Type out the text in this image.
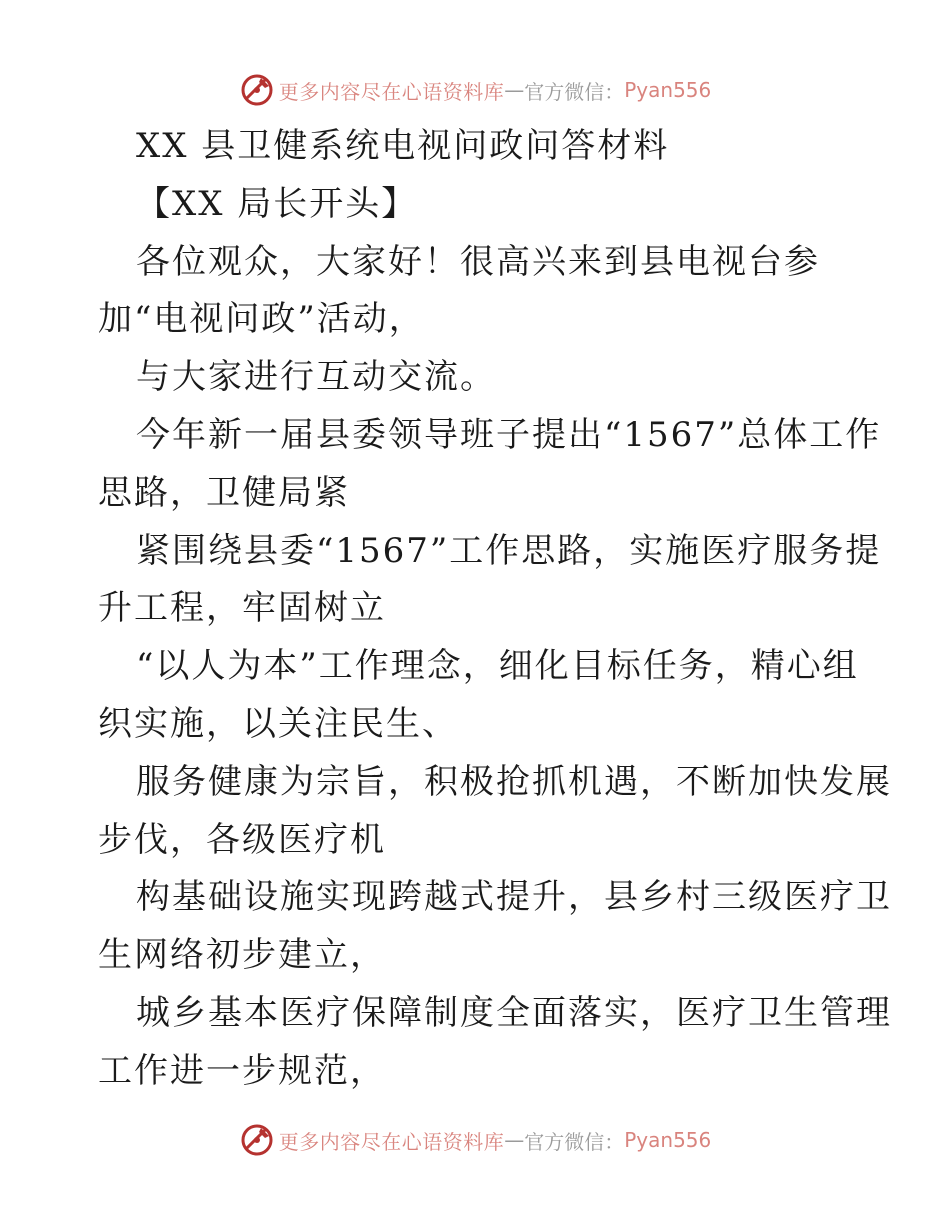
更多内容尽在心语资料库 — 官方微信： Pyan556
XX 县卫健系统电视问政问答材料
【XX 局长开头】
各位观众，大家好！很高兴来到县电视台参
加“电视问政”活动，
与大家进行互动交流。
今年新一届县委领导班子提出“1567”总体工作
思路，卫健局紧
紧围绕县委“1567”工作思路，实施医疗服务提
升工程，牢固树立
“以人为本”工作理念，细化目标任务，精心组
织实施，以关注民生、
服务健康为宗旨，积极抢抓机遇，不断加快发展
步伐，各级医疗机
构基础设施实现跨越式提升，县乡村三级医疗卫
生网络初步建立，
城乡基本医疗保障制度全面落实，医疗卫生管理
工作进一步规范，
更多内容尽在心语资料库 — 官方微信： Pyan556
